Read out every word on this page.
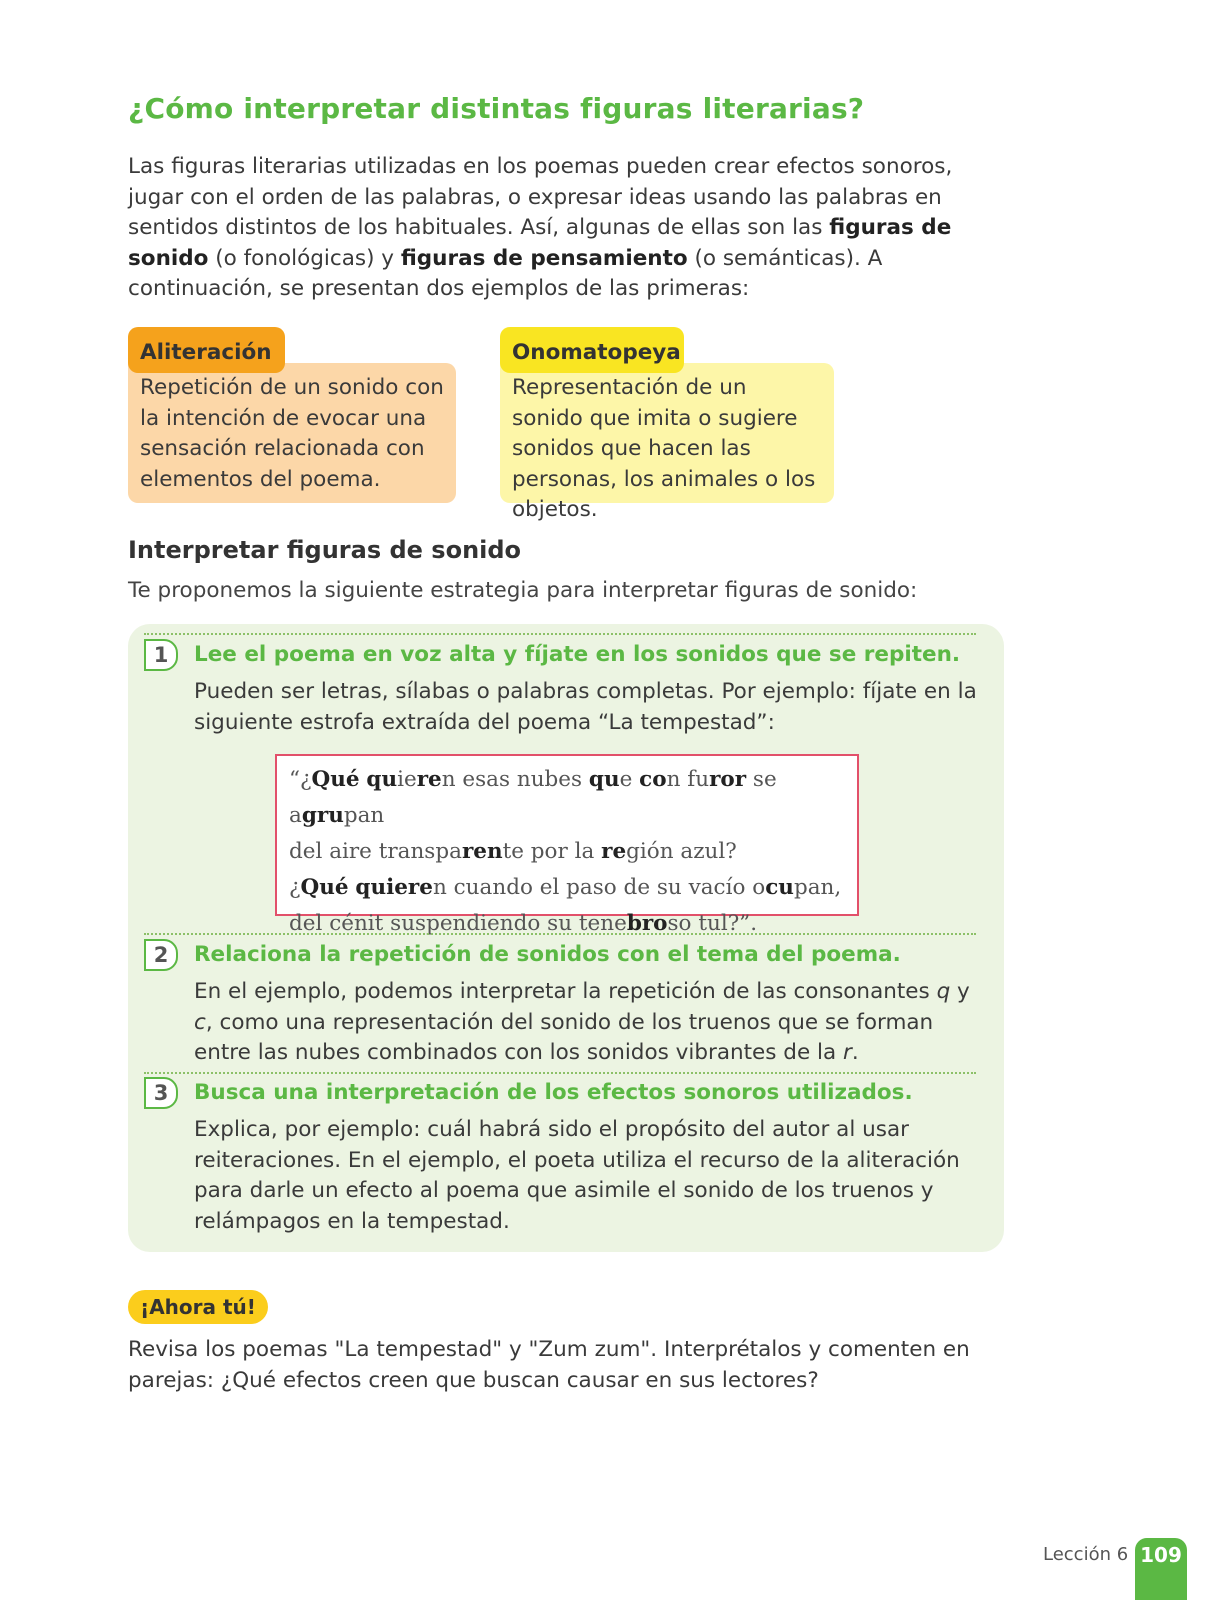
¿Cómo interpretar distintas figuras literarias?
Las figuras literarias utilizadas en los poemas pueden crear efectos sonoros, jugar con el orden de las palabras, o expresar ideas usando las palabras en sentidos distintos de los habituales. Así, algunas de ellas son las figuras de sonido (o fonológicas) y figuras de pensamiento (o semánticas). A continuación, se presentan dos ejemplos de las primeras:
Aliteración
Repetición de un sonido con la intención de evocar una sensación relacionada con elementos del poema.
Onomatopeya
Representación de un sonido que imita o sugiere sonidos que hacen las personas, los animales o los objetos.
Interpretar figuras de sonido
Te proponemos la siguiente estrategia para interpretar figuras de sonido:
1	Lee el poema en voz alta y fíjate en los sonidos que se repiten.
Pueden ser letras, sílabas o palabras completas. Por ejemplo: fíjate en la siguiente estrofa extraída del poema “La tempestad”:
“¿Qué quieren esas nubes que con furor se agrupan
del aire transparente por la región azul?
¿Qué quieren cuando el paso de su vacío ocupan,
del cénit suspendiendo su tenebroso tul?”.
2	Relaciona la repetición de sonidos con el tema del poema.
En el ejemplo, podemos interpretar la repetición de las consonantes q y c, como una representación del sonido de los truenos que se forman entre las nubes combinados con los sonidos vibrantes de la r.
3	Busca una interpretación de los efectos sonoros utilizados.
Explica, por ejemplo: cuál habrá sido el propósito del autor al usar reiteraciones. En el ejemplo, el poeta utiliza el recurso de la aliteración para darle un efecto al poema que asimile el sonido de los truenos y relámpagos en la tempestad.
¡Ahora tú!
Revisa los poemas "La tempestad" y "Zum zum". Interprétalos y comenten en parejas: ¿Qué efectos creen que buscan causar en sus lectores?
Lección 6 109
